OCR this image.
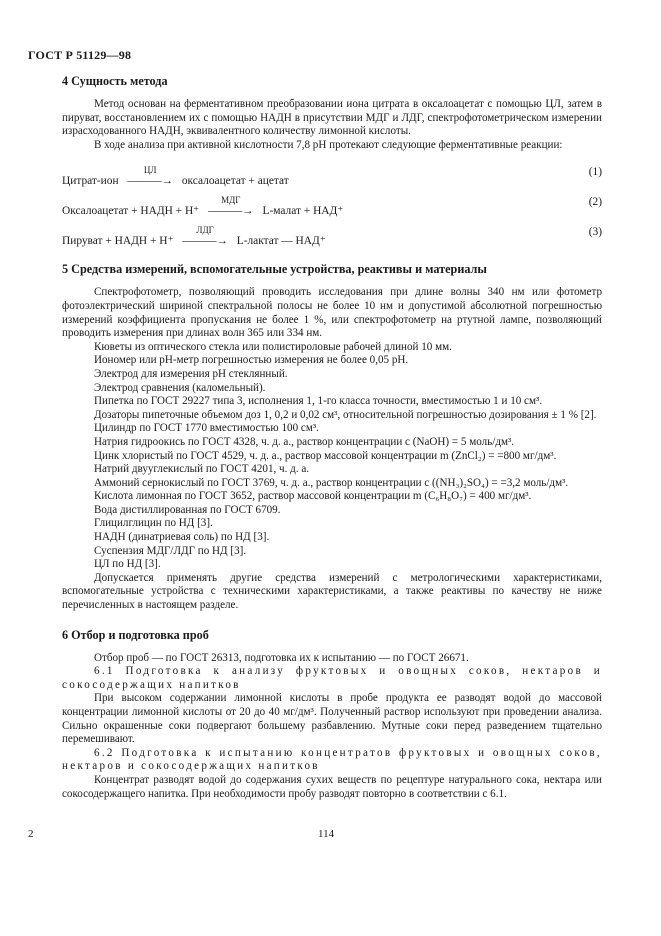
ГОСТ Р 51129—98
4 Сущность метода

Метод основан на ферментативном преобразовании иона цитрата в оксалоацетат с помощью ЦЛ, затем в пируват, восстановлением их с помощью НАДН в присутствии МДГ и ЛДГ, спектрофотометрическом измерении израсходованного НАДН, эквивалентного количеству лимонной кислоты.

В ходе анализа при активной кислотности 7,8 рН протекают следующие ферментативные реакции:

Цитрат-ион
ЦЛ
———→ оксалоацетат + ацетат
(1)
Оксалоацетат + НАДН + Н⁺
МДГ
———→ L-малат + НАД⁺
(2)
Пируват + НАДН + Н⁺
ЛДГ
———→ L-лактат — НАД⁺
(3)
5 Средства измерений, вспомогательные устройства, реактивы и материалы

Спектрофотометр, позволяющий проводить исследования при длине волны 340 нм или фотометр фотоэлектрический шириной спектральной полосы не более 10 нм и допустимой абсолютной погрешностью измерений коэффициента пропускания не более 1 %, или спектрофотометр на ртутной лампе, позволяющий проводить измерения при длинах волн 365 или 334 нм.

Кюветы из оптического стекла или полистироловые рабочей длиной 10 мм.

Иономер или рН-метр погрешностью измерения не более 0,05 рН.

Электрод для измерения рН стеклянный.

Электрод сравнения (каломельный).

Пипетка по ГОСТ 29227 типа 3, исполнения 1, 1-го класса точности, вместимостью 1 и 10 см³.

Дозаторы пипеточные объемом доз 1, 0,2 и 0,02 см³, относительной погрешностью дозирования ± 1 % [2].

Цилиндр по ГОСТ 1770 вместимостью 100 см³.

Натрия гидроокись по ГОСТ 4328, ч. д. а., раствор концентрации c (NaOH) = 5 моль/дм³.

Цинк хлористый по ГОСТ 4529, ч. д. а., раствор массовой концентрации m (ZnCl₂) = =800 мг/дм³.

Натрий двууглекислый по ГОСТ 4201, ч. д. а.

Аммоний сернокислый по ГОСТ 3769, ч. д. а., раствор концентрации c ((NH₃)₂SO₄) = =3,2 моль/дм³.

Кислота лимонная по ГОСТ 3652, раствор массовой концентрации m (C₆H₈O₇) = 400 мг/дм³.

Вода дистиллированная по ГОСТ 6709.

Глицилглицин по НД [3].

НАДН (динатриевая соль) по НД [3].

Суспензия МДГ/ЛДГ по НД [3].

ЦЛ по НД [3].

Допускается применять другие средства измерений с метрологическими характеристиками, вспомогательные устройства с техническими характеристиками, а также реактивы по качеству не ниже перечисленных в настоящем разделе.

6 Отбор и подготовка проб

Отбор проб — по ГОСТ 26313, подготовка их к испытанию — по ГОСТ 26671.

6.1 Подготовка к анализу фруктовых и овощных соков, нектаров и сокосодержащих напитков

При высоком содержании лимонной кислоты в пробе продукта ее разводят водой до массовой концентрации лимонной кислоты от 20 до 40 мг/дм³. Полученный раствор используют при проведении анализа. Сильно окрашенные соки подвергают большему разбавлению. Мутные соки перед разведением тщательно перемешивают.

6.2 Подготовка к испытанию концентратов фруктовых и овощных соков, нектаров и сокосодержащих напитков

Концентрат разводят водой до содержания сухих веществ по рецептуре натурального сока, нектара или сокосодержащего напитка. При необходимости пробу разводят повторно в соответствии с 6.1.

2	114
